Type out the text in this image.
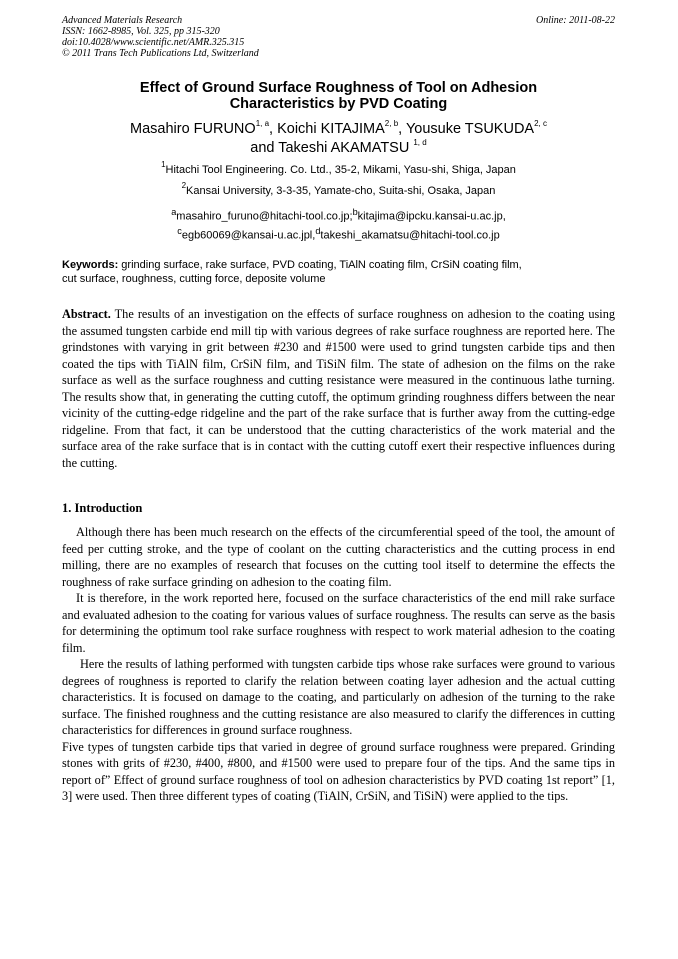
Advanced Materials Research
ISSN: 1662-8985, Vol. 325, pp 315-320
doi:10.4028/www.scientific.net/AMR.325.315
© 2011 Trans Tech Publications Ltd, Switzerland
Online: 2011-08-22
Effect of Ground Surface Roughness of Tool on Adhesion
Characteristics by PVD Coating
Masahiro FURUNO$^{1, a}$, Koichi KITAJIMA$^{2, b}$, Yousuke TSUKUDA$^{2, c}$
and Takeshi AKAMATSU $^{1, d}$
$^1$Hitachi Tool Engineering. Co. Ltd., 35-2, Mikami, Yasu-shi, Shiga, Japan
$^2$Kansai University, 3-3-35, Yamate-cho, Suita-shi, Osaka, Japan
$^a$masahiro_furuno@hitachi-tool.co.jp;$^b$kitajima@ipcku.kansai-u.ac.jp,
$^c$egb60069@kansai-u.ac.jpl,$^d$takeshi_akamatsu@hitachi-tool.co.jp
Keywords: grinding surface, rake surface, PVD coating, TiAlN coating film, CrSiN coating film,
cut surface, roughness, cutting force, deposite volume

Abstract. The results of an investigation on the effects of surface roughness on adhesion to the coating using the assumed tungsten carbide end mill tip with various degrees of rake surface roughness are reported here. The grindstones with varying in grit between #230 and #1500 were used to grind tungsten carbide tips and then coated the tips with TiAlN film, CrSiN film, and TiSiN film. The state of adhesion on the films on the rake surface as well as the surface roughness and cutting resistance were measured in the continuous lathe turning. The results show that, in generating the cutting cutoff, the optimum grinding roughness differs between the near vicinity of the cutting-edge ridgeline and the part of the rake surface that is further away from the cutting-edge ridgeline. From that fact, it can be understood that the cutting characteristics of the work material and the surface area of the rake surface that is in contact with the cutting cutoff exert their respective influences during the cutting.

1. Introduction

Although there has been much research on the effects of the circumferential speed of the tool, the amount of feed per cutting stroke, and the type of coolant on the cutting characteristics and the cutting process in end milling, there are no examples of research that focuses on the cutting tool itself to determine the effects the roughness of rake surface grinding on adhesion to the coating film.

It is therefore, in the work reported here, focused on the surface characteristics of the end mill rake surface and evaluated adhesion to the coating for various values of surface roughness. The results can serve as the basis for determining the optimum tool rake surface roughness with respect to work material adhesion to the coating film.

Here the results of lathing performed with tungsten carbide tips whose rake surfaces were ground to various degrees of roughness is reported to clarify the relation between coating layer adhesion and the actual cutting characteristics. It is focused on damage to the coating, and particularly on adhesion of the turning to the rake surface. The finished roughness and the cutting resistance are also measured to clarify the differences in cutting characteristics for differences in ground surface roughness.

Five types of tungsten carbide tips that varied in degree of ground surface roughness were prepared. Grinding stones with grits of #230, #400, #800, and #1500 were used to prepare four of the tips. And the same tips in report of” Effect of ground surface roughness of tool on adhesion characteristics by PVD coating 1st report” [1, 3] were used. Then three different types of coating (TiAlN, CrSiN, and TiSiN) were applied to the tips.
